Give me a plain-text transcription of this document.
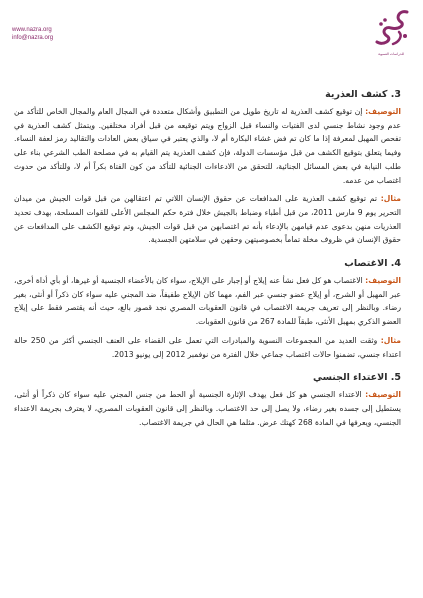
www.nazra.org
info@nazra.org
للدراسات النسوية
3. كشف العذرية

التوصيف: إن توقيع كشف العذرية له تاريخ طويل من التطبيق وأشكال متعددة في المجال العام والمجال الخاص للتأكد من عدم وجود نشاط جنسي لدى الفتيات والنساء قبل الزواج ويتم توقيعه من قبل أفراد مختلفين. ويتمثل كشف العذرية في تفحص المهبل لمعرفة إذا ما كان تم فض غشاء البكارة أم لا، والذي يعتبر في سياق بعض العادات والتقاليد رمز لعفة النساء. وفيما يتعلق بتوقيع الكشف من قبل مؤسسات الدولة، فإن كشف العذرية يتم القيام به في مصلحة الطب الشرعي بناء على طلب النيابة في بعض المسائل الجنائية، للتحقق من الادعاءات الجنائية للتأكد من كون الفتاة بكراً أم لا، وللتأكد من حدوث اغتصاب من عدمه.

مثال: تم توقيع كشف العذرية على المدافعات عن حقوق الإنسان اللاتي تم اعتقالهن من قبل قوات الجيش من ميدان التحرير يوم 9 مارس 2011، من قبل أطباء وضباط بالجيش خلال فترة حكم المجلس الأعلى للقوات المسلحة، بهدف تحديد العذريات منهن بدعوى عدم قيامهن بالإدعاء بأنه تم اغتصابهن من قبل قوات الجيش، وتم توقيع الكشف على المدافعات عن حقوق الإنسان في ظروف مخلة تماماً بخصوصيتهن وحقهن في سلامتهن الجسدية.

4. الاغتصاب

التوصيف: الاغتصاب هو كل فعل نشأ عنه إيلاج أو إجبار على الإيلاج، سواء كان بالأعضاء الجنسية أو غيرها، أو بأي أداة أخرى، عبر المهبل أو الشرج، أو إيلاج عضو جنسي عبر الفم، مهما كان الإيلاج طفيفاً، ضد المجني عليه سواء كان ذكراً أو أنثى، بغير رضاء. وبالنظر إلى تعريف جريمة الاغتصاب في قانون العقوبات المصري نجد قصور بالغ، حيث أنه يقتصر فقط على إيلاج العضو الذكري بمهبل الأنثى، طبقاً للمادة 267 من قانون العقوبات.

مثال: وثقت العديد من المجموعات النسوية والمبادرات التي تعمل على القضاء على العنف الجنسي أكثر من 250 حالة اعتداء جنسي، تضمنوا حالات اغتصاب جماعي خلال الفترة من نوفمبر 2012 إلى يونيو 2013.

5. الاعتداء الجنسي

التوصيف: الاعتداء الجنسي هو كل فعل يهدف الإثارة الجنسية أو الحط من جنس المجني عليه سواء كان ذكراً أو أنثى، يستطيل إلى جسده بغير رضاء، ولا يصل إلى حد الاغتصاب. وبالنظر إلى قانون العقوبات المصري، لا يعترف بجريمة الاعتداء الجنسي، ويعرفها في المادة 268 كهتك عرض. مثلما هي الحال في جريمة الاغتصاب.
